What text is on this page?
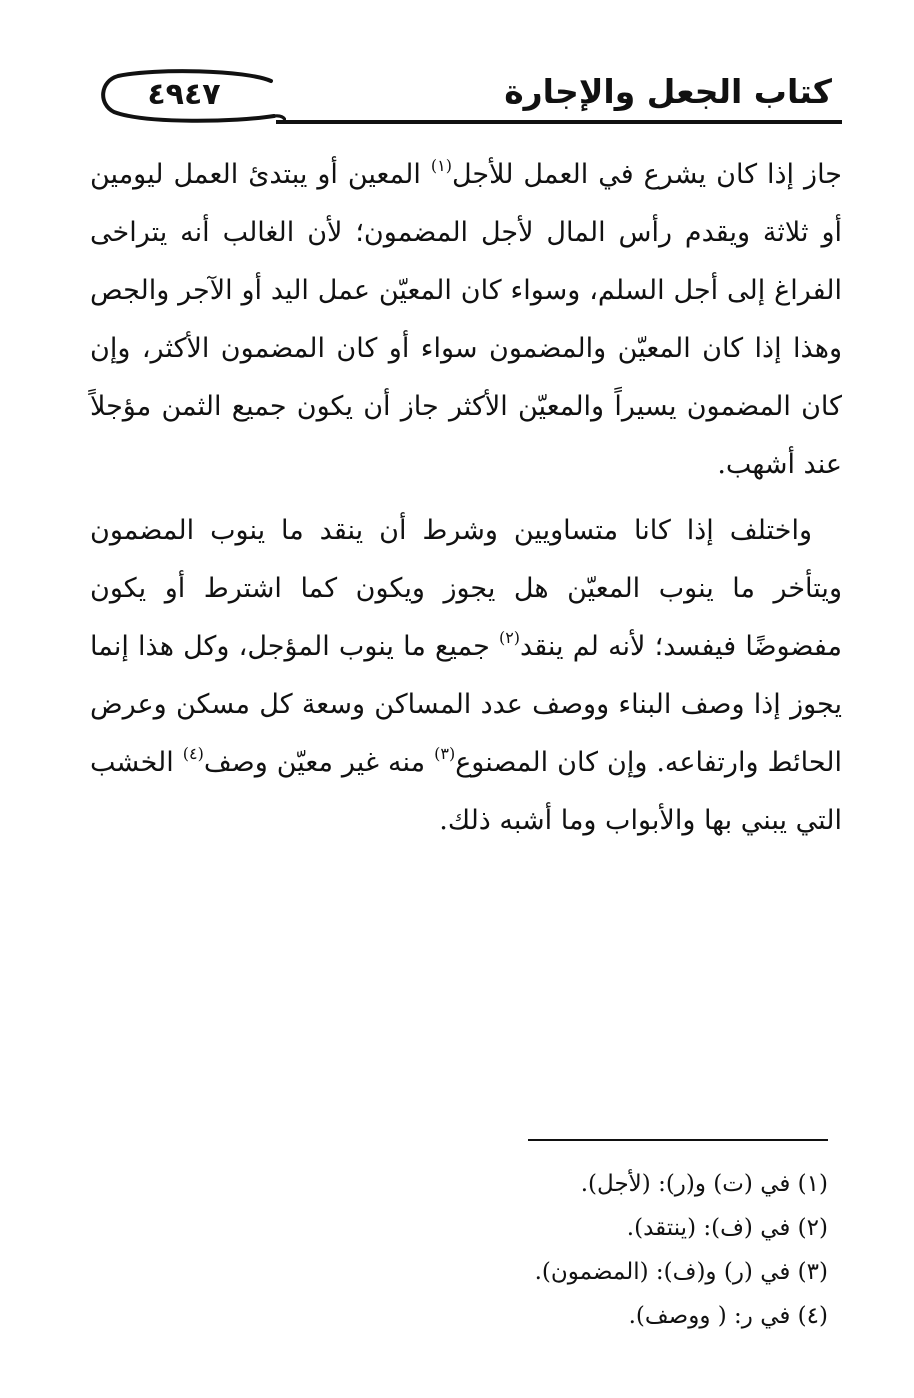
٤٩٤٧	كتاب الجعل والإجارة

جاز إذا كان يشرع في العمل للأجل$^{(١)}$ المعين أو يبتدئ العمل ليومين أو ثلاثة ويقدم رأس المال لأجل المضمون؛ لأن الغالب أنه يتراخى الفراغ إلى أجل السلم، وسواء كان المعيّن عمل اليد أو الآجر والجص وهذا إذا كان المعيّن والمضمون سواء أو كان المضمون الأكثر، وإن كان المضمون يسيراً والمعيّن الأكثر جاز أن يكون جميع الثمن مؤجلاً عند أشهب.

واختلف إذا كانا متساويين وشرط أن ينقد ما ينوب المضمون ويتأخر ما ينوب المعيّن هل يجوز ويكون كما اشترط أو يكون مفضوضًا فيفسد؛ لأنه لم ينقد$^{(٢)}$ جميع ما ينوب المؤجل، وكل هذا إنما يجوز إذا وصف البناء ووصف عدد المساكن وسعة كل مسكن وعرض الحائط وارتفاعه. وإن كان المصنوع$^{(٣)}$ منه غير معيّن وصف$^{(٤)}$ الخشب التي يبني بها والأبواب وما أشبه ذلك.

(١) في (ت) و(ر): (لأجل).
(٢) في (ف): (ينتقد).
(٣) في (ر) و(ف): (المضمون).
(٤) في ر: ( ووصف).
